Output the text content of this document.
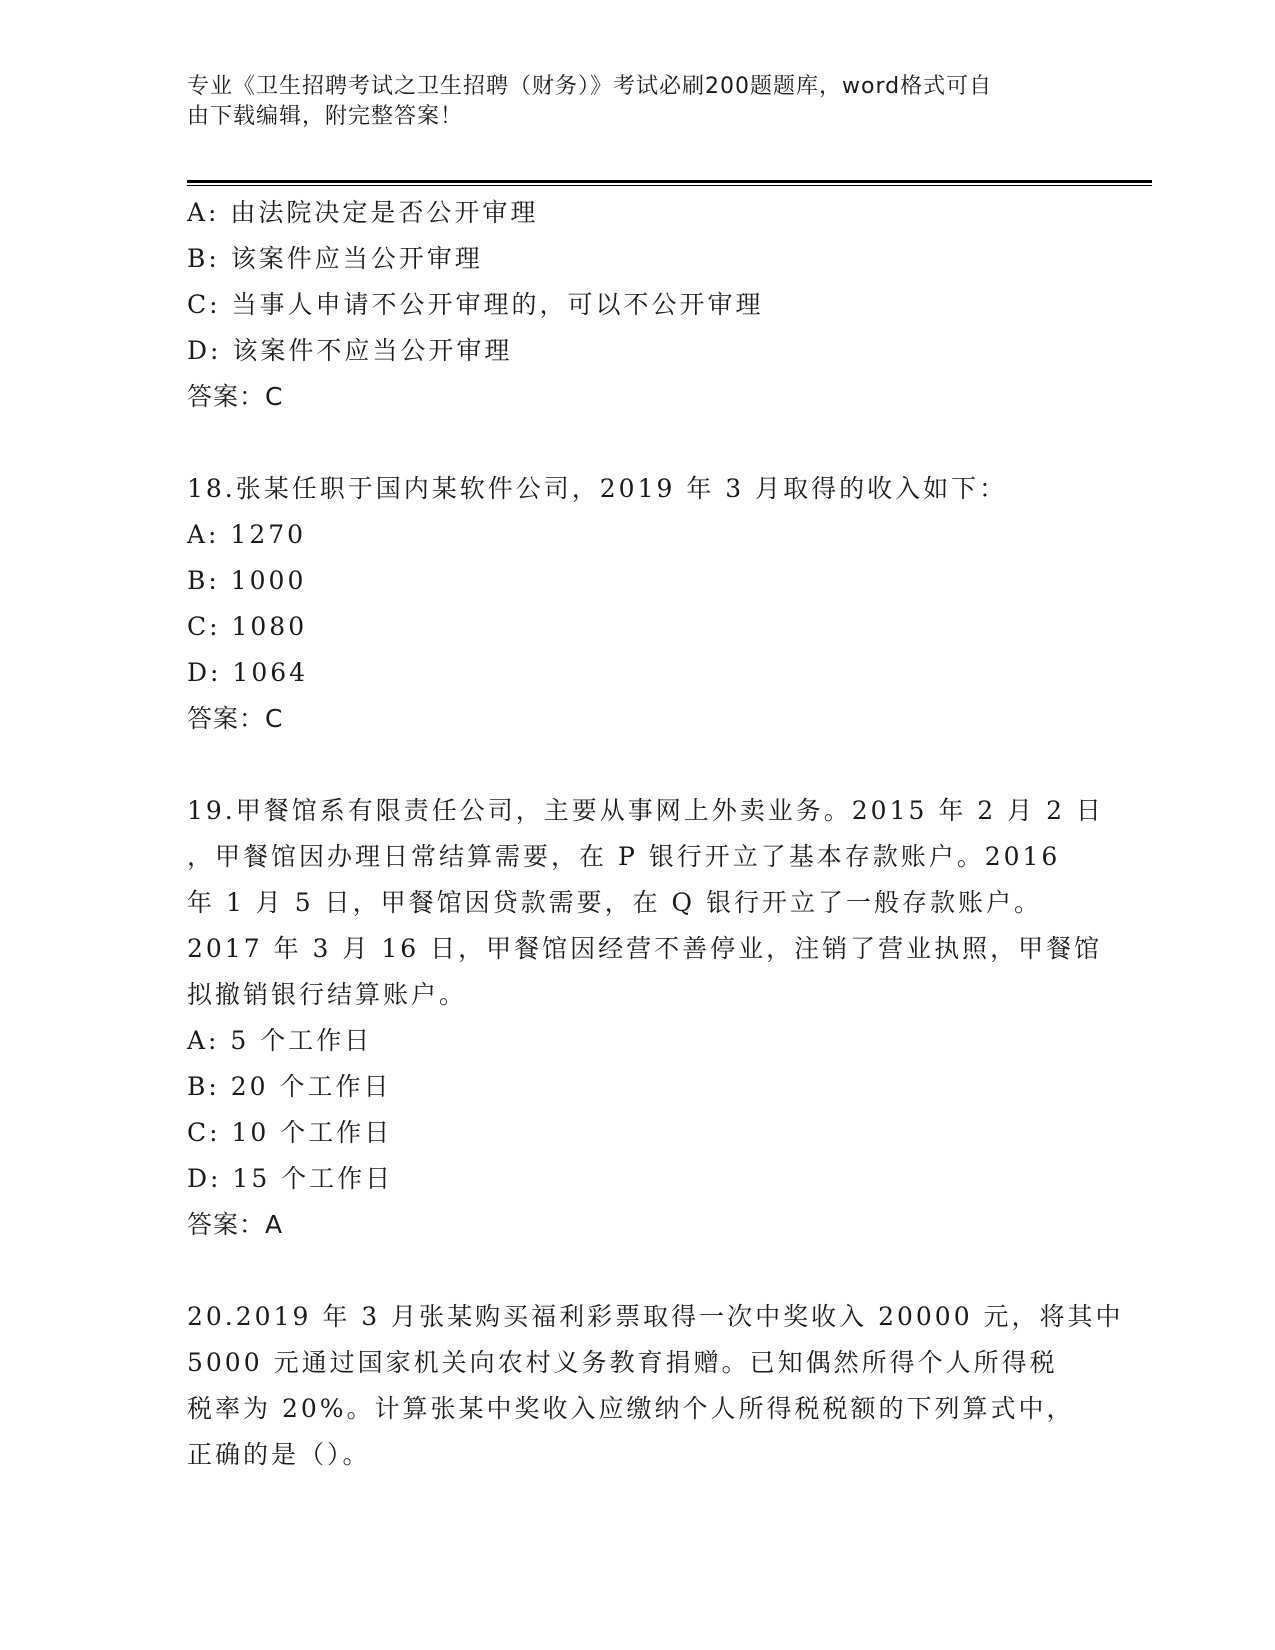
专业《卫生招聘考试之卫生招聘（财务）》考试必刷200题题库，word格式可自
由下载编辑，附完整答案！
A: 由法院决定是否公开审理
B: 该案件应当公开审理
C: 当事人申请不公开审理的，可以不公开审理
D: 该案件不应当公开审理
答案：C
18.张某任职于国内某软件公司，2019 年 3 月取得的收入如下：
A: 1270
B: 1000
C: 1080
D: 1064
答案：C
19.甲餐馆系有限责任公司，主要从事网上外卖业务。2015 年 2 月 2 日
，甲餐馆因办理日常结算需要，在 P 银行开立了基本存款账户。2016
年 1 月 5 日，甲餐馆因贷款需要，在 Q 银行开立了一般存款账户。
2017 年 3 月 16 日，甲餐馆因经营不善停业，注销了营业执照，甲餐馆
拟撤销银行结算账户。
A: 5 个工作日
B: 20 个工作日
C: 10 个工作日
D: 15 个工作日
答案：A
20.2019 年 3 月张某购买福利彩票取得一次中奖收入 20000 元，将其中
5000 元通过国家机关向农村义务教育捐赠。已知偶然所得个人所得税
税率为 20%。计算张某中奖收入应缴纳个人所得税税额的下列算式中，
正确的是（）。
